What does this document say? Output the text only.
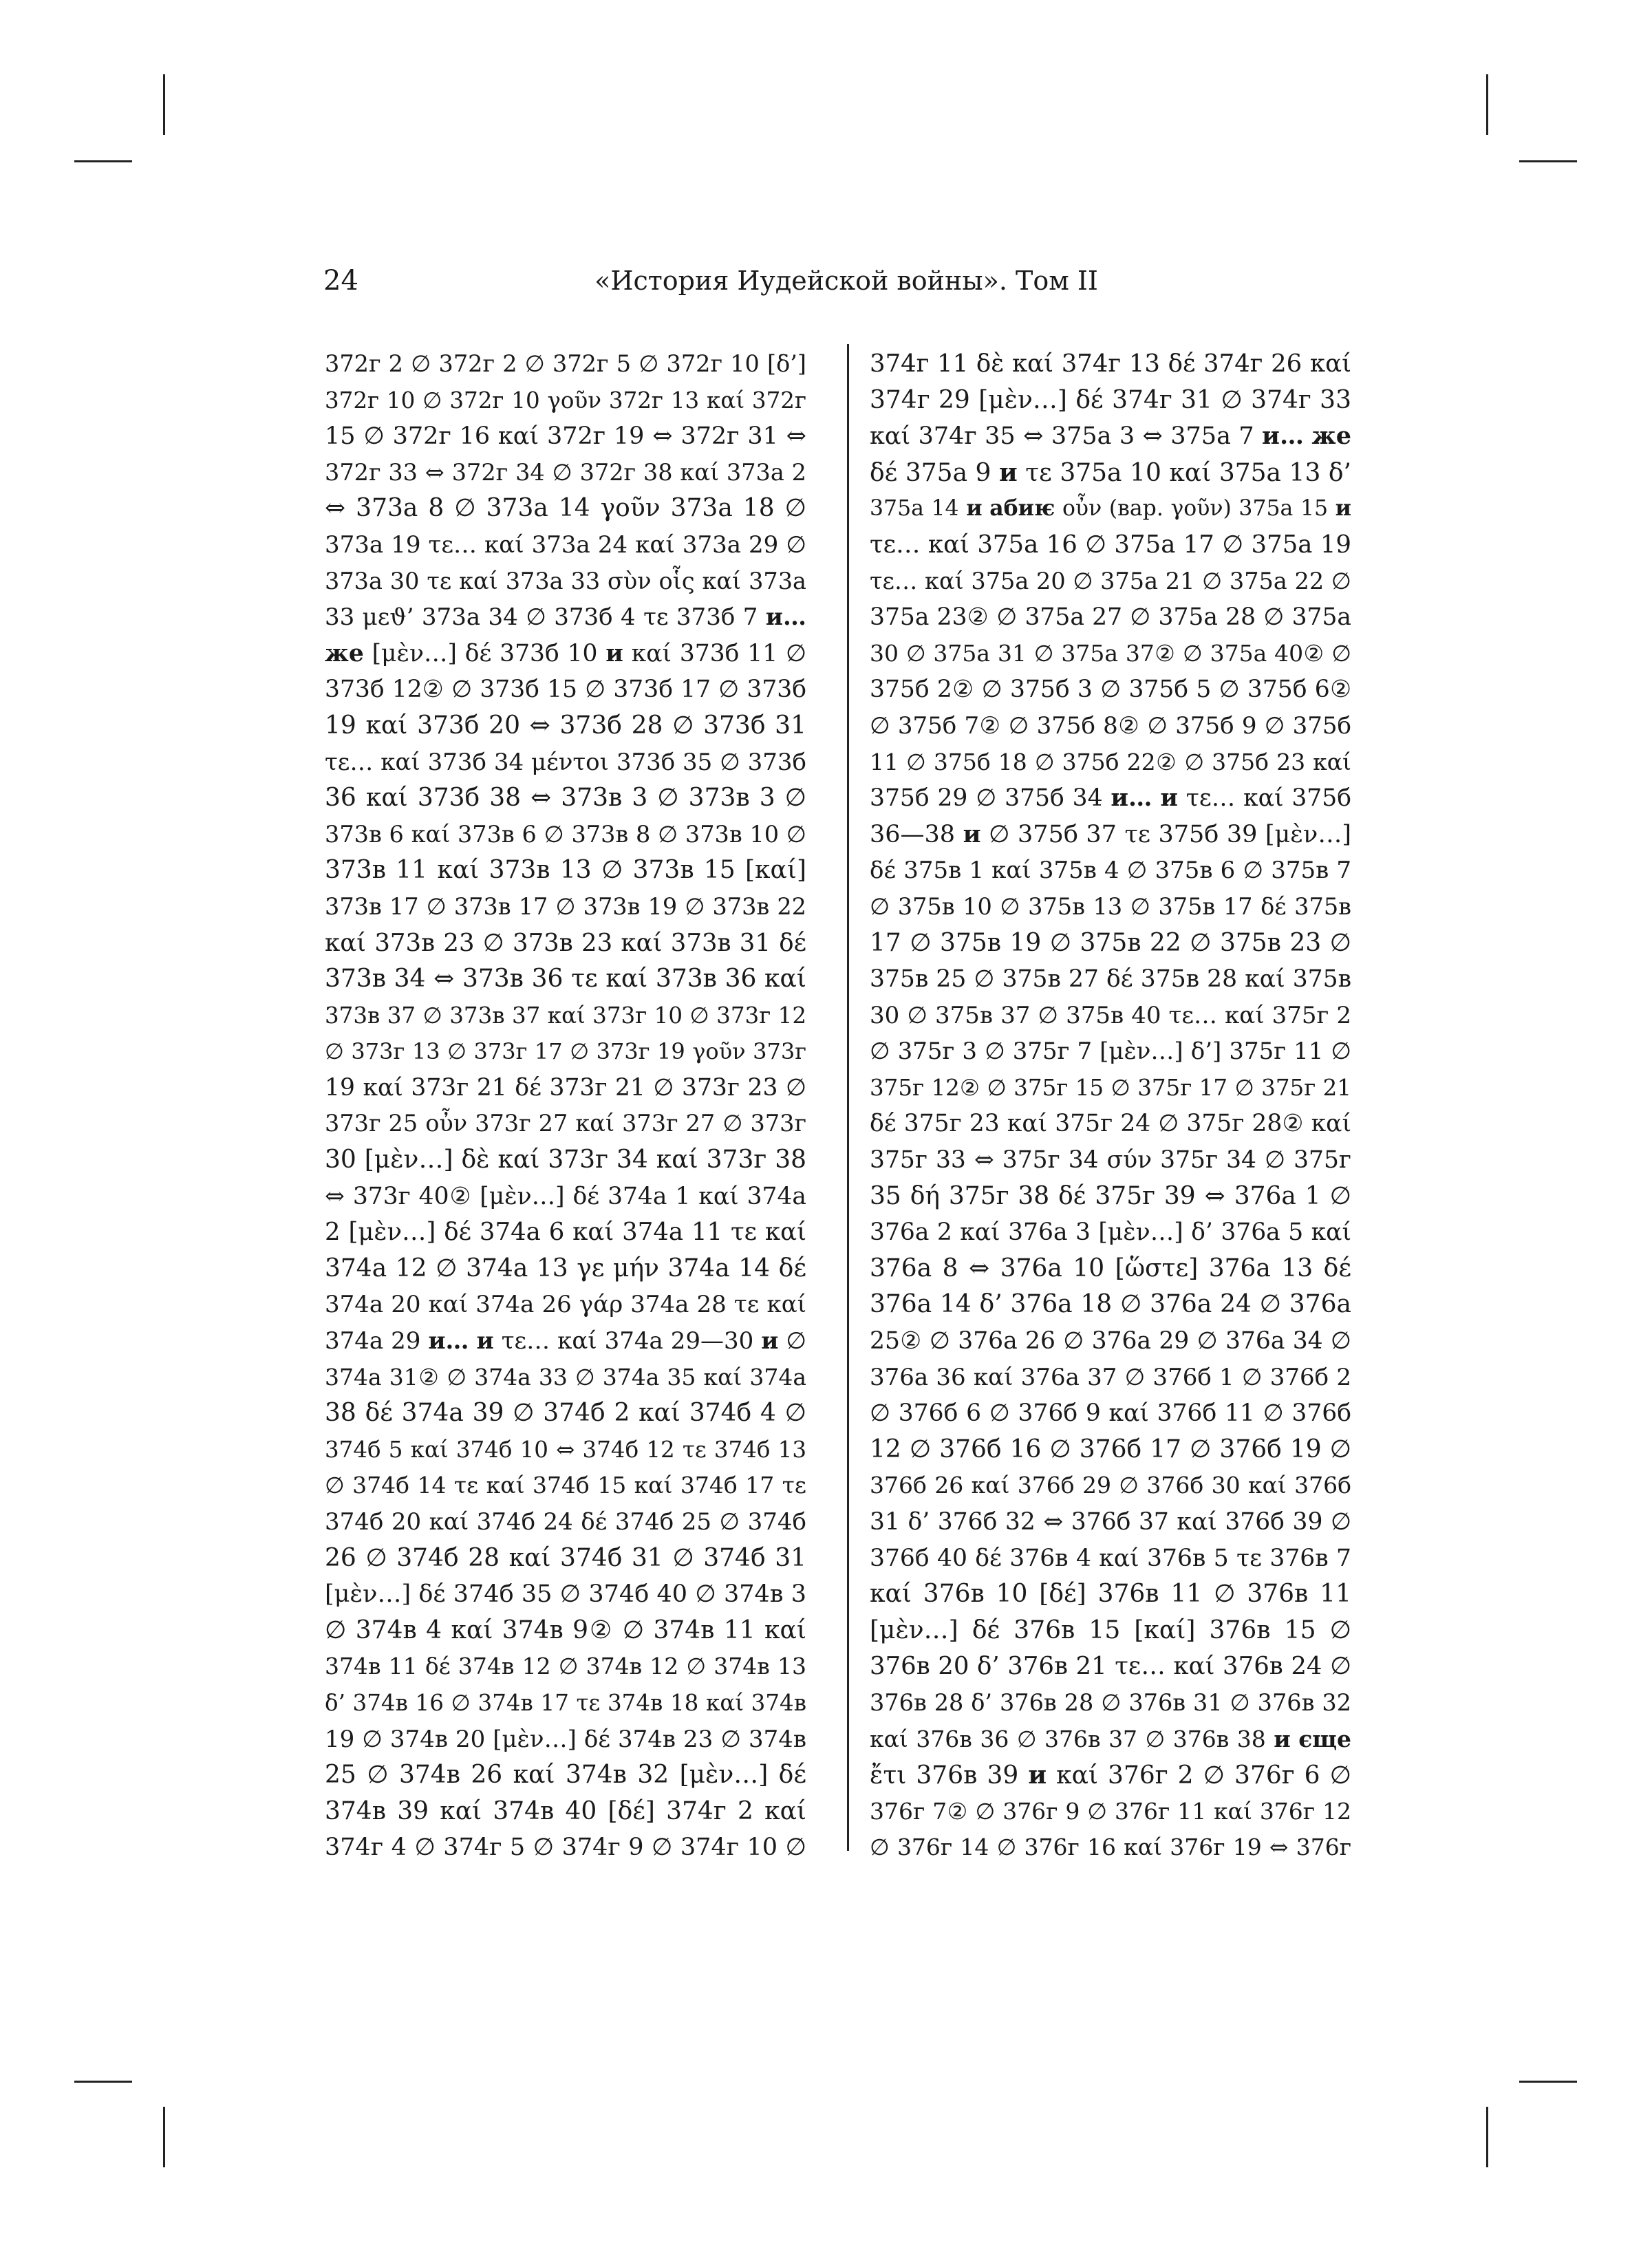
24	«История Иудейской войны». Том II
372г 2 ∅ 372г 2 ∅ 372г 5 ∅ 372г 10 [δ’]
372г 10 ∅ 372г 10 γοῦν 372г 13 καί 372г
15 ∅ 372г 16 καί 372г 19 ⇔ 372г 31 ⇔
372г 33 ⇔ 372г 34 ∅ 372г 38 καί 373а 2
⇔ 373а 8 ∅ 373а 14 γοῦν 373а 18 ∅
373а 19 τε… καί 373а 24 καί 373а 29 ∅
373а 30 τε καί 373а 33 σὺν οἷς καί 373а
33 μεϑ’ 373а 34 ∅ 373б 4 τε 373б 7 и…
же [μὲν…] δέ 373б 10 и καί 373б 11 ∅
373б 12② ∅ 373б 15 ∅ 373б 17 ∅ 373б
19 καί 373б 20 ⇔ 373б 28 ∅ 373б 31
τε… καί 373б 34 μέντοι 373б 35 ∅ 373б
36 καί 373б 38 ⇔ 373в 3 ∅ 373в 3 ∅
373в 6 καί 373в 6 ∅ 373в 8 ∅ 373в 10 ∅
373в 11 καί 373в 13 ∅ 373в 15 [καί]
373в 17 ∅ 373в 17 ∅ 373в 19 ∅ 373в 22
καί 373в 23 ∅ 373в 23 καί 373в 31 δέ
373в 34 ⇔ 373в 36 τε καί 373в 36 καί
373в 37 ∅ 373в 37 καί 373г 10 ∅ 373г 12
∅ 373г 13 ∅ 373г 17 ∅ 373г 19 γοῦν 373г
19 καί 373г 21 δέ 373г 21 ∅ 373г 23 ∅
373г 25 οὖν 373г 27 καί 373г 27 ∅ 373г
30 [μὲν…] δὲ καί 373г 34 καί 373г 38
⇔ 373г 40② [μὲν…] δέ 374а 1 καί 374а
2 [μὲν…] δέ 374а 6 καί 374а 11 τε καί
374а 12 ∅ 374а 13 γε μήν 374а 14 δέ
374а 20 καί 374а 26 γάρ 374а 28 τε καί
374а 29 и… и τε… καί 374а 29—30 и ∅
374а 31② ∅ 374а 33 ∅ 374а 35 καί 374а
38 δέ 374а 39 ∅ 374б 2 καί 374б 4 ∅
374б 5 καί 374б 10 ⇔ 374б 12 τε 374б 13
∅ 374б 14 τε καί 374б 15 καί 374б 17 τε
374б 20 καί 374б 24 δέ 374б 25 ∅ 374б
26 ∅ 374б 28 καί 374б 31 ∅ 374б 31
[μὲν…] δέ 374б 35 ∅ 374б 40 ∅ 374в 3
∅ 374в 4 καί 374в 9② ∅ 374в 11 καί
374в 11 δέ 374в 12 ∅ 374в 12 ∅ 374в 13
δ’ 374в 16 ∅ 374в 17 τε 374в 18 καί 374в
19 ∅ 374в 20 [μὲν…] δέ 374в 23 ∅ 374в
25 ∅ 374в 26 καί 374в 32 [μὲν…] δέ
374в 39 καί 374в 40 [δέ] 374г 2 καί
374г 4 ∅ 374г 5 ∅ 374г 9 ∅ 374г 10 ∅
374г 11 δὲ καί 374г 13 δέ 374г 26 καί
374г 29 [μὲν…] δέ 374г 31 ∅ 374г 33
καί 374г 35 ⇔ 375а 3 ⇔ 375а 7 и… же
δέ 375а 9 и τε 375а 10 καί 375а 13 δ’
375а 14 и абиѥ οὖν (вар. γοῦν) 375а 15 и
τε… καί 375а 16 ∅ 375а 17 ∅ 375а 19
τε… καί 375а 20 ∅ 375а 21 ∅ 375а 22 ∅
375а 23② ∅ 375а 27 ∅ 375а 28 ∅ 375а
30 ∅ 375а 31 ∅ 375а 37② ∅ 375а 40② ∅
375б 2② ∅ 375б 3 ∅ 375б 5 ∅ 375б 6②
∅ 375б 7② ∅ 375б 8② ∅ 375б 9 ∅ 375б
11 ∅ 375б 18 ∅ 375б 22② ∅ 375б 23 καί
375б 29 ∅ 375б 34 и… и τε… καί 375б
36—38 и ∅ 375б 37 τε 375б 39 [μὲν…]
δέ 375в 1 καί 375в 4 ∅ 375в 6 ∅ 375в 7
∅ 375в 10 ∅ 375в 13 ∅ 375в 17 δέ 375в
17 ∅ 375в 19 ∅ 375в 22 ∅ 375в 23 ∅
375в 25 ∅ 375в 27 δέ 375в 28 καί 375в
30 ∅ 375в 37 ∅ 375в 40 τε… καί 375г 2
∅ 375г 3 ∅ 375г 7 [μὲν…] δ’] 375г 11 ∅
375г 12② ∅ 375г 15 ∅ 375г 17 ∅ 375г 21
δέ 375г 23 καί 375г 24 ∅ 375г 28② καί
375г 33 ⇔ 375г 34 σύν 375г 34 ∅ 375г
35 δή 375г 38 δέ 375г 39 ⇔ 376а 1 ∅
376а 2 καί 376а 3 [μὲν…] δ’ 376а 5 καί
376а 8 ⇔ 376а 10 [ὥστε] 376а 13 δέ
376а 14 δ’ 376а 18 ∅ 376а 24 ∅ 376а
25② ∅ 376а 26 ∅ 376а 29 ∅ 376а 34 ∅
376а 36 καί 376а 37 ∅ 376б 1 ∅ 376б 2
∅ 376б 6 ∅ 376б 9 καί 376б 11 ∅ 376б
12 ∅ 376б 16 ∅ 376б 17 ∅ 376б 19 ∅
376б 26 καί 376б 29 ∅ 376б 30 καί 376б
31 δ’ 376б 32 ⇔ 376б 37 καί 376б 39 ∅
376б 40 δέ 376в 4 καί 376в 5 τε 376в 7
καί 376в 10 [δέ] 376в 11 ∅ 376в 11
[μὲν…] δέ 376в 15 [καί] 376в 15 ∅
376в 20 δ’ 376в 21 τε… καί 376в 24 ∅
376в 28 δ’ 376в 28 ∅ 376в 31 ∅ 376в 32
καί 376в 36 ∅ 376в 37 ∅ 376в 38 и єще
ἔτι 376в 39 и καί 376г 2 ∅ 376г 6 ∅
376г 7② ∅ 376г 9 ∅ 376г 11 καί 376г 12
∅ 376г 14 ∅ 376г 16 καί 376г 19 ⇔ 376г
